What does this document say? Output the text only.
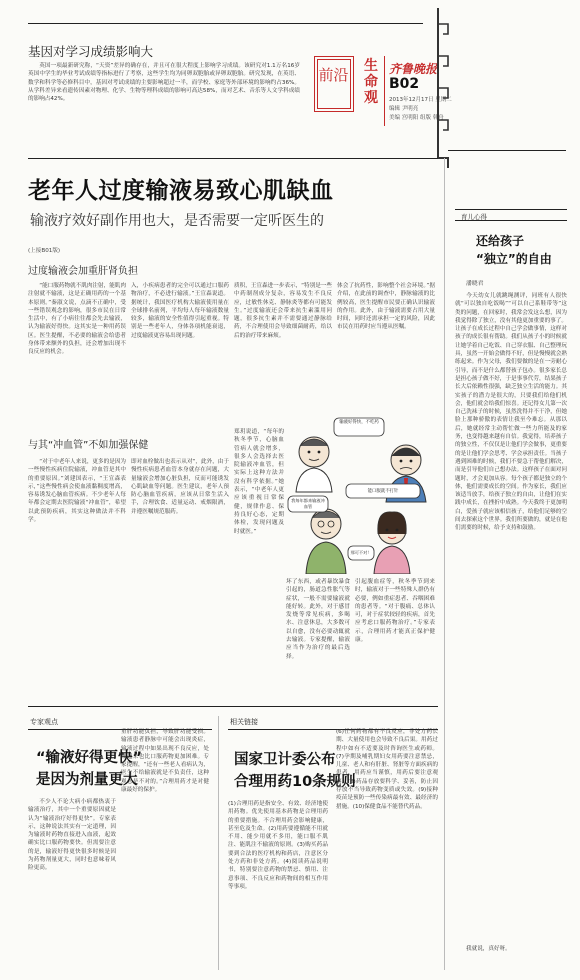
基因对学习成绩影响大
英国一项最新研究称，“天资”差异的确存在，并且可在很大程度上影响学习成绩。该研究对1.1万名16岁英国中学生的毕业考试成绩等指标进行了考察，这些学生均为同卵双胞胎或异卵双胞胎。研究发现，在英语、数学和科学等必修科目中，基因对考试成绩的主要影响超过一半，而学校、家庭等外部环境的影响约占36%。从学科差异来看遗传因素对物理、化学、生物等理科成绩的影响可高达58%，而对艺术、音乐等人文学科成绩的影响占42%。
前沿 生命观
齐鲁晚报
B02
2013年12月17日 星期二
编辑 尹明亮
美编 宫明阳 组版 韩舟
老年人过度输液易致心肌缺血
输液疗效好副作用也大，是否需要一定听医生的
(上接B01版)
过度输液会加重肝肾负担
“能口服药物就不肌肉注射，能肌肉注射就不输液，这是正确用药的一个基本原则。”秦淑文说，点滴不正确中，受一些错误观念的影响，很多市民在日常生活中，有了小病往往都会先去输液，认为输液好得快。这其实是一种用药误区。医生提醒，不必要的输液会给患者身体带来额外的负担，还会增加出现不良反应的机会。
入，小疾病患者的完全可以通过口服药物治疗，不必进行输液。”王宣森说道。据统计，我国医疗机构大输液使用量在全球排名前列，平均每人每年输液数量较多，输液的安全性值得引起重视。特别是一些老年人，身体各项机能衰退，过度输液更容易出现问题。
质积，王宣森进一步表示，“特别是一些中药制剂成分复杂，容易发生不良反应，过敏性休克、静脉炎等都有可能发生。”过度输液还会带来抗生素滥用问题，很多抗生素并不需要通过静脉给药，不合理使用会导致细菌耐药，给以后的治疗带来麻烦。
体会了抗药性，影响整个社会环境。”据介绍，在此前的调查中，静脉输液的比例较高，医生提醒市民要正确认识输液的作用。此外，由于输液需要占用大量时间，同时还需承担一定的风险，因此市民在用药时应当遵从医嘱。
与其“冲血管”不如加强保健
“对于中老年人来说，更多的是因为一些慢性疾病住院输液，冲血管是其中的重要原因。”刘建国表示，“王宣森表示，”这些慢性病会使血液黏稠度增高，容易诱发心脑血管疾病。不少老年人每年都会定期去医院输液“冲血管”，希望以此预防疾病，其实这种做法并不科学。
即对血栓做出也表示从对“，此外，由于慢性疾病患者血管本身就存在问题，大量输液会增加心脏负担，反而可能诱发心肌缺血等问题。医生建议，老年人预防心脑血管疾病，应该从日常生活入手，合理饮食、适量运动、戒烟限酒，并遵医嘱规范服药。
郑玥说道，“每年的秋冬季节，心脑血管病人就会增多，很多人会选择去医院输液冲血管，但实际上这种方法并没有科学依据。”她表示，“中老年人更应该重视日常保健，规律作息、保持良好心态，定期体检，发现问题及时就医。”
坏了东西，或者暴饮暴食引起的，肠道急性胀气等症状，一般不需要输液就能好转。此外，对于感冒发烧等常见疾病，多喝水、注意休息，大多数可以自愈，没有必要动辄就去输液。专家提醒，输液应当作为治疗的最后选择。
引起腹血症等，秋冬季节到来时，输液对于一些特殊人群仍有必要，例如重症患者、吞咽困难的患者等。“对于腹痛、总体认可，对于症状较轻的疾病，首先应考虑口服药物治疗。”专家表示，合理用药才能真正保护健康。
输液好得快，不吃药
能口服就不打针
我每年都来输液冲血管
那可不对！
育儿心得
还给孩子
“独立”的自由
潘晓君
今天幼女儿就跳绳测评，同班有人很快就“可以独自吃饭喝”“可以自己系鞋带等”这类的问题，在回家时，我常会发这么想，因为我觉得除了独立，没有其他更加重要的事了。让孩子在成长过程中自己学会做事情，这样对孩子的成长很有帮助。我们从孩子小的时候就让她学着自己吃饭、自己穿衣服、自己整理玩具，虽然一开始会做得不好，但是慢慢就会熟练起来。作为父母，我们要做的是在一旁耐心引导，而不是什么都替孩子包办。很多家长总是担心孩子做不好，于是事事代劳，结果孩子长大后依赖性很强，缺乏独立生活的能力。其实孩子的潜力是很大的，只要我们给他们机会，他们就会给我们惊喜。还记得女儿第一次自己洗袜子的时候，虽然洗得并不干净，但她脸上那种骄傲的表情让我至今难忘。从那以后，她就经常主动帮忙做一些力所能及的家务，也变得越来越有自信。我觉得，培养孩子的独立性，不仅仅是让他们学会做事，更重要的是让他们学会思考、学会承担责任。当孩子遇到困难的时候，我们不要急于帮他们解决，而是引导他们自己想办法。这样孩子在面对问题时，才会更加从容。每个孩子都是独立的个体，他们需要成长的空间。作为家长，我们应该适当放手，给孩子独立的自由，让他们在实践中成长，在挫折中成熟。今天我终于更加明白，爱孩子就应该相信孩子，给他们足够的空间去探索这个世界。我们所要做的，就是在他们需要的时候，给予支持和鼓励。
我就说，真好呀。
专家观点
“输液好得更快”
是因为剂量更大
不少人不论大病小病都热衷于输液治疗，其中一个重要原因就是认为“输液治疗好得更快”。专家表示，这种说法其实有一定道理，因为输液时药物直接进入血液，起效确实比口服药物要快。但需要注意的是，输液好得更快很多时候是因为药物剂量更大，同时也意味着风险更高。
重肝功能负担，导致肝功能受损。输液患者静脉中可能会出现炎症，输液过程中如果出现不良反应，处理起来也比口服药物更加困难。专家提醒，“还有一些老人看病认为，医生不给输液就是不负责任，这种观念是不对的。”合理用药才是对健康最好的保护。
相关链接
国家卫计委公布
合理用药10条规则
(1)合理用药是指安全、有效、经济地使用药物。优先使用基本药物是合理用药的重要措施。不合理用药会影响健康，甚至危及生命。(2)用药要遵循能不用就不用、能少用就不多用，能口服不肌注、能肌注不输液的原则。(3)购买药品要到合法的医疗机构和药店，注意区分处方药和非处方药。(4)阅读药品说明书，特别要注意药物的禁忌、慎用、注意事项、不良反应和药物间的相互作用等事项。
(6)任何药物都有不良反应，非处方药长期、大量使用也会导致不良后果。用药过程中如有不适要及时咨询医生或药师。(7)孕期及哺乳期妇女用药要注意禁忌，儿童、老人和有肝脏、肾脏等方面疾病的患者，用药应当谨慎，用药后要注意观察。(8)药品存放要科学、妥善，防止因存放不当导致药物变质或失效。(9)接种疫苗是预防一些传染病最有效、最经济的措施。(10)保健食品不能替代药品。
